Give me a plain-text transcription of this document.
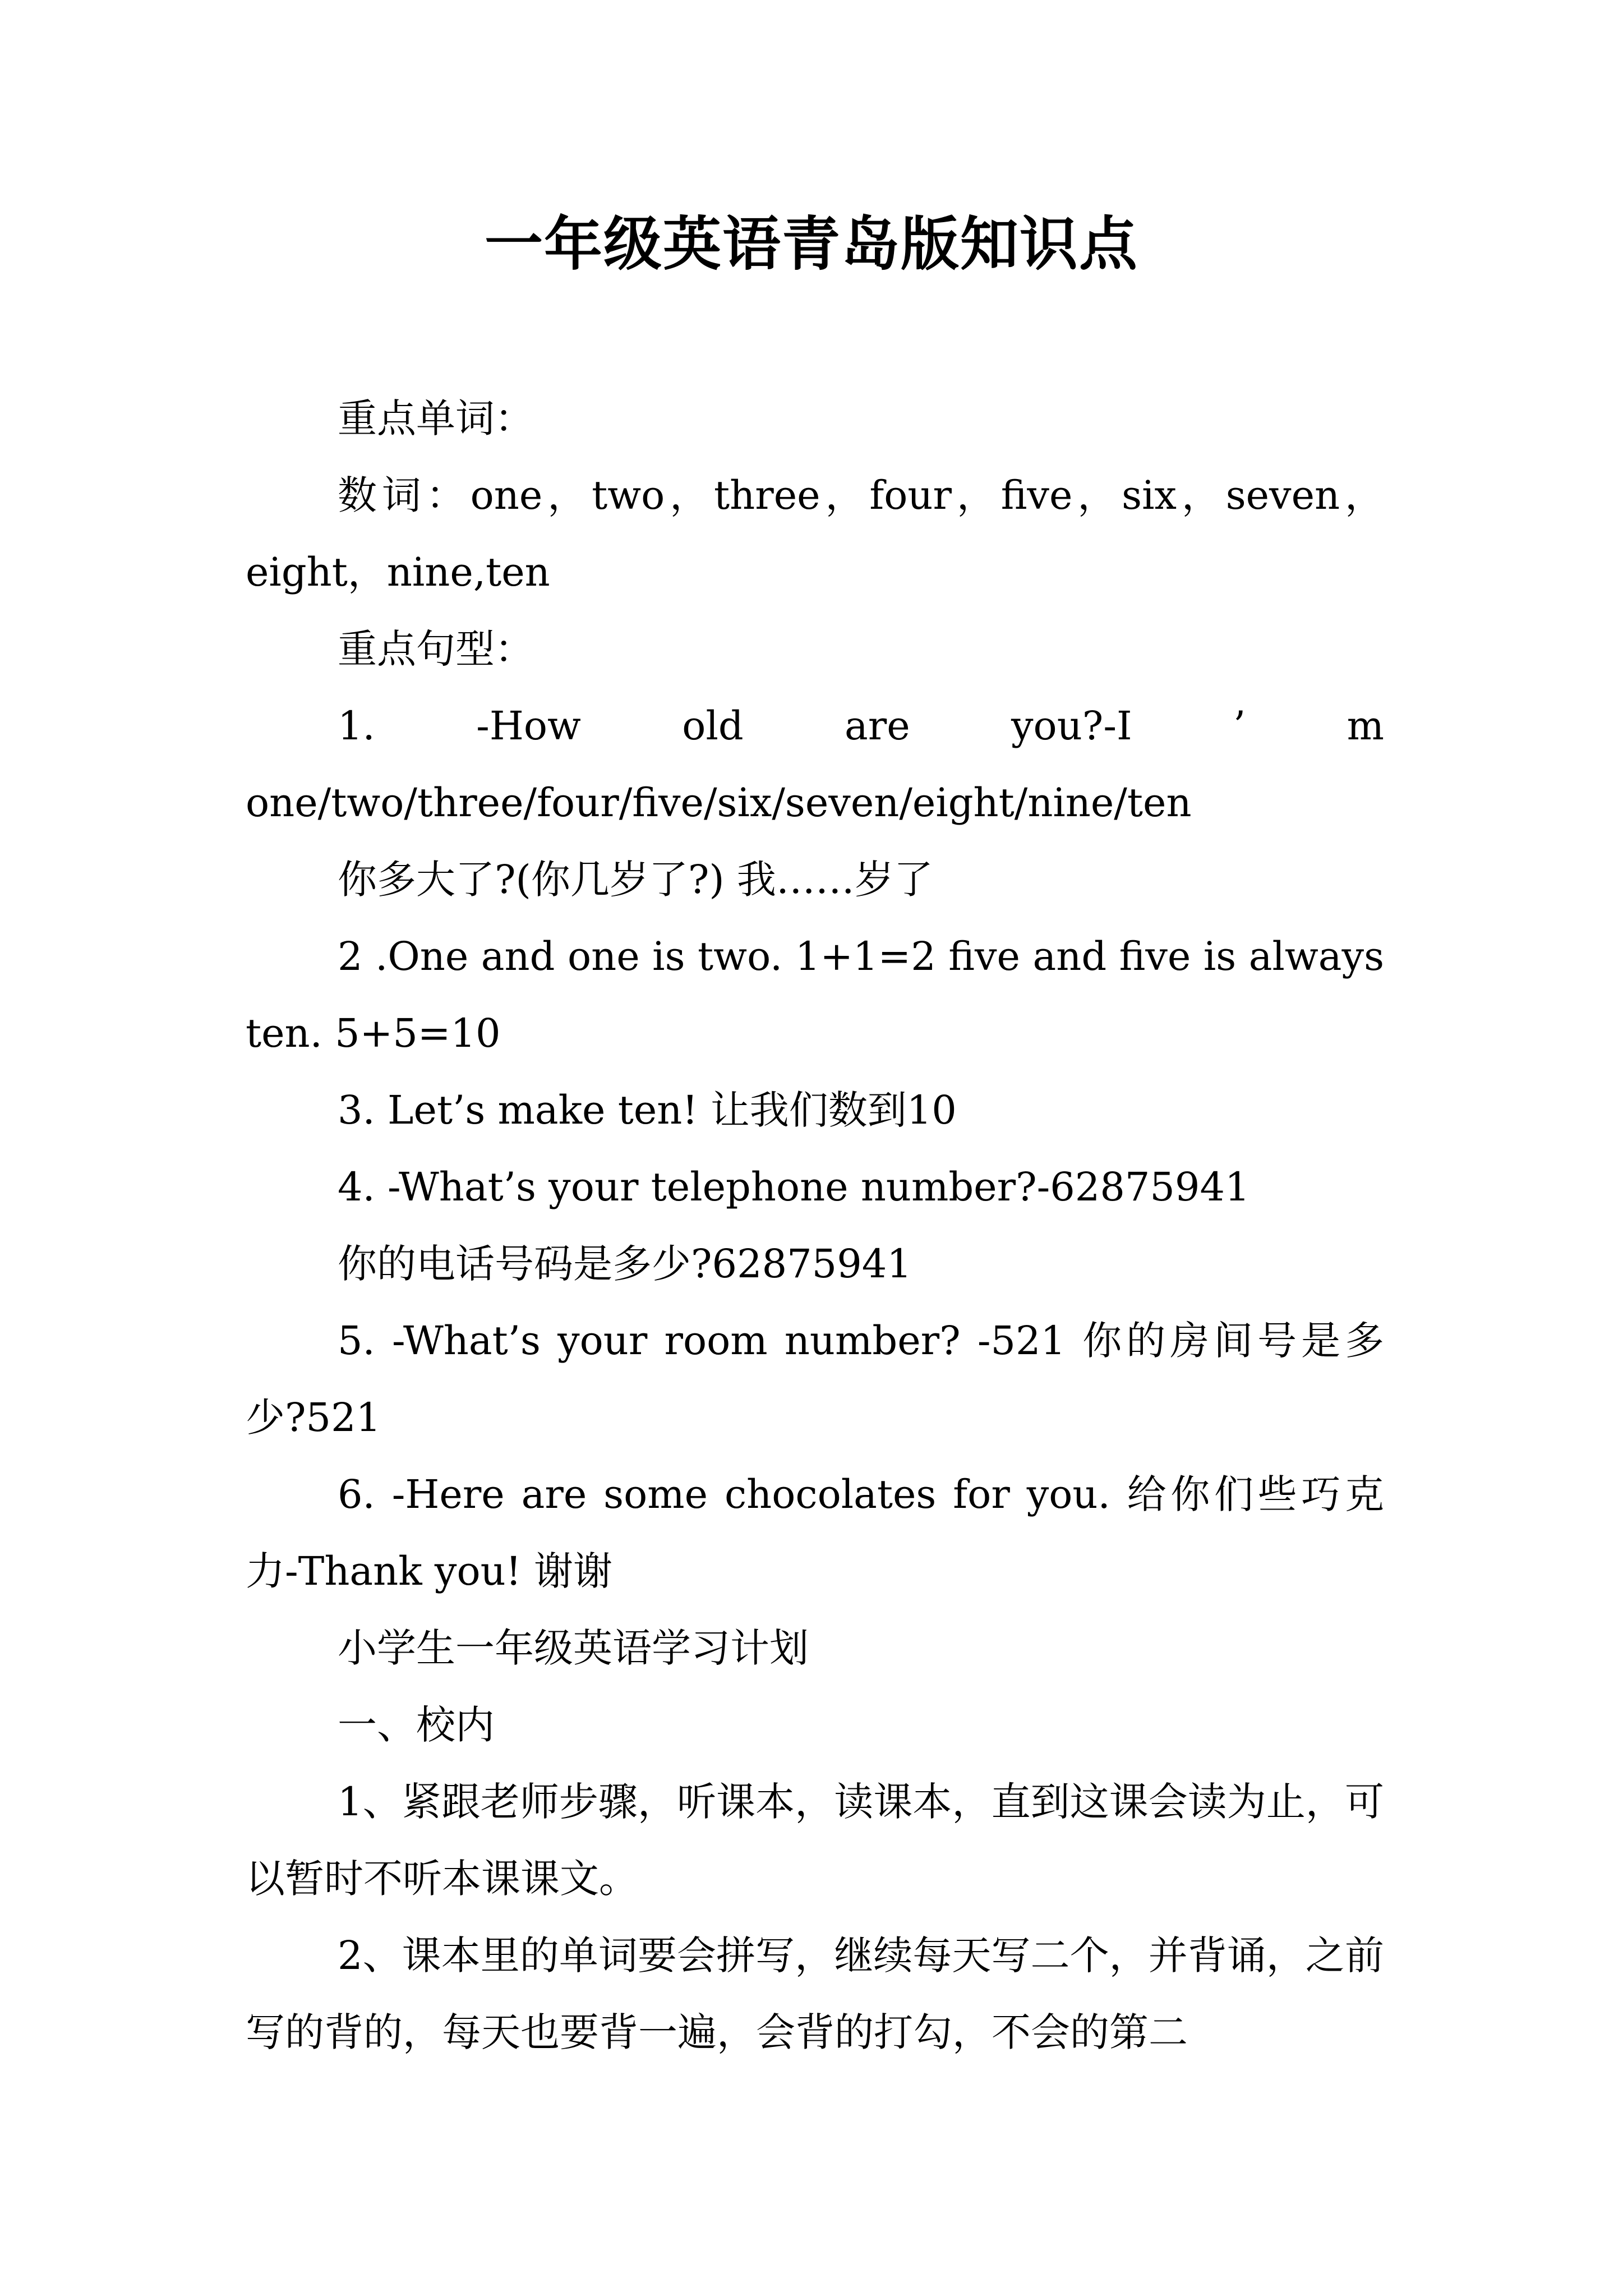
一年级英语青岛版知识点

重点单词：

数词：one，two，three，four，five，six，seven，eight，nine,ten

重点句型：

1. -How old are you?-I ’ m one/two/three/four/five/six/seven/eight/nine/ten

你多大了?(你几岁了?) 我……岁了

2 .One and one is two. 1+1=2 five and five is always ten. 5+5=10

3. Let’s make ten! 让我们数到10

4. -What’s your telephone number?-62875941

你的电话号码是多少?62875941

5. -What’s your room number? -521 你的房间号是多少?521

6. -Here are some chocolates for you. 给你们些巧克力-Thank you! 谢谢

小学生一年级英语学习计划

一、校内

1、紧跟老师步骤，听课本，读课本，直到这课会读为止，可以暂时不听本课课文。

2、课本里的单词要会拼写，继续每天写二个，并背诵，之前写的背的，每天也要背一遍，会背的打勾，不会的第二
